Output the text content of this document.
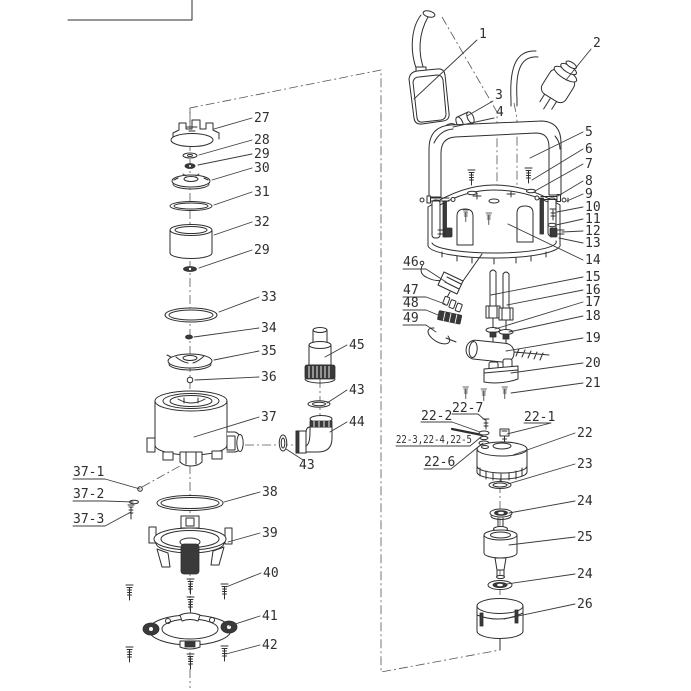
27
28
29
30
31
32
29
33
34
35
36
37
45
43
44
43
37-1
37-2
37-3
38
39
40
41
42
1
2
3
4
5
6
7
8
9
10
11
12
13
14
15
16
17
18
19
20
21
46
47
48
49
22-7
22-2	22-1
22-3,22-4,22-5
22-6
22
23
24
25
24
26
